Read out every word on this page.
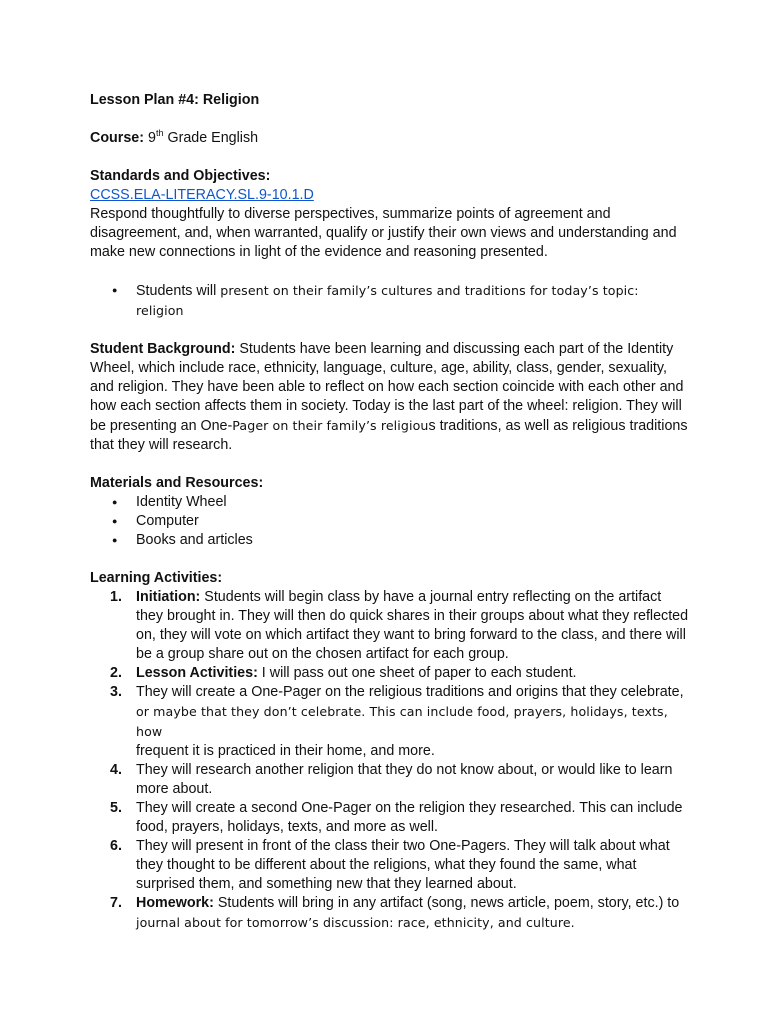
Lesson Plan #4: Religion

Course: 9th Grade English

Standards and Objectives:

CCSS.ELA-LITERACY.SL.9-10.1.D

Respond thoughtfully to diverse perspectives, summarize points of agreement and disagreement, and, when warranted, qualify or justify their own views and understanding and make new connections in light of the evidence and reasoning presented.

● Students will present on their family’s cultures and traditions for today’s topic: religion

Student Background: Students have been learning and discussing each part of the Identity Wheel, which include race, ethnicity, language, culture, age, ability, class, gender, sexuality, and religion. They have been able to reflect on how each section coincide with each other and how each section affects them in society. Today is the last part of the wheel: religion. They will be presenting an One-Pager on their family’s religious traditions, as well as religious traditions that they will research.

Materials and Resources:

● Identity Wheel
● Computer
● Books and articles

Learning Activities:

1. Initiation: Students will begin class by have a journal entry reflecting on the artifact they brought in. They will then do quick shares in their groups about what they reflected on, they will vote on which artifact they want to bring forward to the class, and there will be a group share out on the chosen artifact for each group.
2. Lesson Activities: I will pass out one sheet of paper to each student.
3. They will create a One-Pager on the religious traditions and origins that they celebrate,
or maybe that they don’t celebrate. This can include food, prayers, holidays, texts, how
frequent it is practiced in their home, and more.
4. They will research another religion that they do not know about, or would like to learn more about.
5. They will create a second One-Pager on the religion they researched. This can include food, prayers, holidays, texts, and more as well.
6. They will present in front of the class their two One-Pagers. They will talk about what they thought to be different about the religions, what they found the same, what surprised them, and something new that they learned about.
7. Homework: Students will bring in any artifact (song, news article, poem, story, etc.) to
journal about for tomorrow’s discussion: race, ethnicity, and culture.
